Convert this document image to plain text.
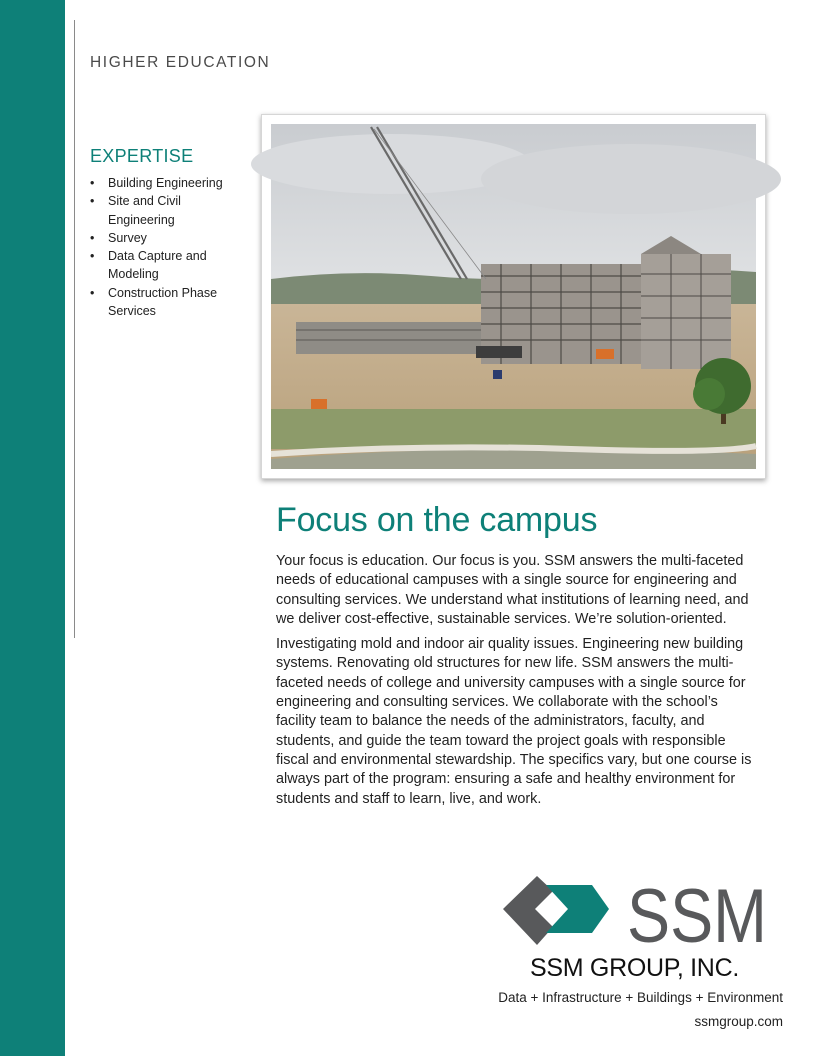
HIGHER EDUCATION
EXPERTISE
• Building Engineering
• Site and Civil Engineering
• Survey
• Data Capture and Modeling
• Construction Phase Services
Focus on the campus

Your focus is education. Our focus is you. SSM answers the multi-faceted needs of educational campuses with a single source for engineering and consulting services. We understand what institutions of learning need, and we deliver cost-effective, sustainable services. We’re solution-oriented.

Investigating mold and indoor air quality issues. Engineering new building systems. Renovating old structures for new life. SSM answers the multi-faceted needs of college and university campuses with a single source for engineering and consulting services. We collaborate with the school’s facility team to balance the needs of the administrators, faculty, and students, and guide the team toward the project goals with responsible fiscal and environmental stewardship. The specifics vary, but one course is always part of the program: ensuring a safe and healthy environment for students and staff to learn, live, and work.

SSM
SSM GROUP, INC.
Data + Infrastructure + Buildings + Environment
ssmgroup.com
